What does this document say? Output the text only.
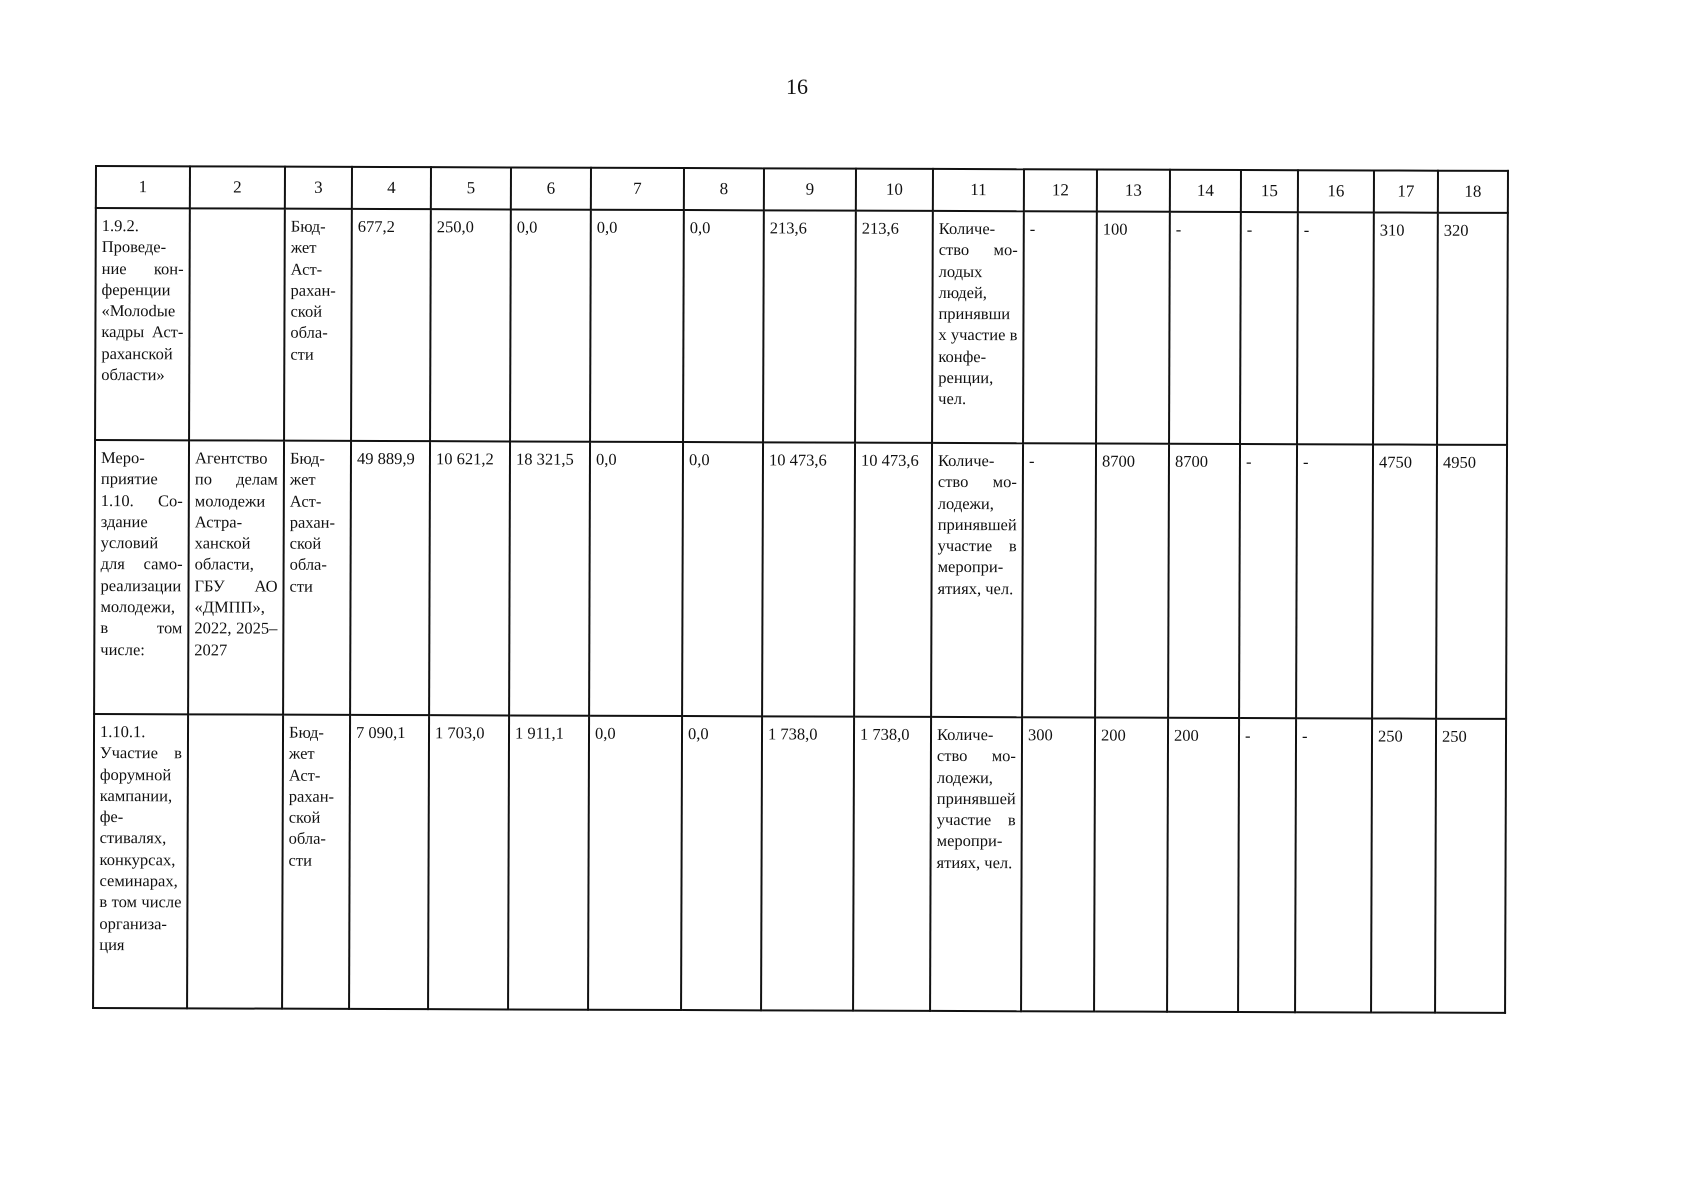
16
1	2	3	4	5	6	7	8	9	10	11	12	13	14	15	16	17	18
1.9.2. Проведение конференции «Молоdые кадры Астраханской области»		Бюджет Астраханской области	677,2	250,0	0,0	0,0	0,0	213,6	213,6	Количество молодых людей, принявших участие в конференции, чел.	-	100	-	-	-	310	320
Мероприятие 1.10. Создание условий для самореализации молодежи, в том числе:	Агентство по делам молодежи Астраханской области, ГБУ АО «ДМПП», 2022, 2025–2027	Бюджет Астраханской области	49 889,9	10 621,2	18 321,5	0,0	0,0	10 473,6	10 473,6	Количество молодежи, принявшей участие в мероприятиях, чел.	-	8700	8700	-	-	4750	4950
1.10.1. Участие в форумной кампании, фестивалях, конкурсах, семинарах, в том числе организация		Бюджет Астраханской области	7 090,1	1 703,0	1 911,1	0,0	0,0	1 738,0	1 738,0	Количество молодежи, принявшей участие в мероприятиях, чел.	300	200	200	-	-	250	250
